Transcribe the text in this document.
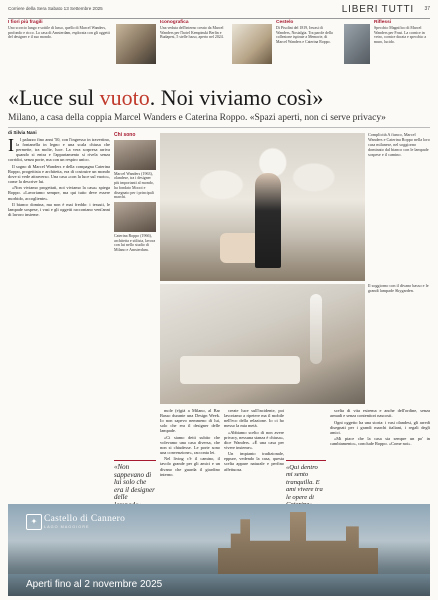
Corriere della Sera Sabato 13 Settembre 2025	LIBERI TUTTI 37
I fiori più fragili

Uno scorcio lungo e sottile di lusso, quello di Marcel Wanders, profondo e ricco. La casa di Amsterdam, esplorata con gli oggetti del designer e il suo mondo.

Iconografica

Una veduta dell'interno creato da Marcel Wanders per l'hotel Kempinski Berlin e Budapest, 5 stelle lusso, aperto nel 2024.

Cestelo

Di Pisolini del 1819, Invasi di Wanders, Nostalgia. Tra parole della collezione ispirate a Memorie, di Marcel Wanders e Caterina Roppo.

Riflessi

Specchio Magnifico di Marcel Wanders per Frasi. La cornice in vetro, cornice dorata e specchio a muro, lucido.

«Luce sul vuoto. Noi viviamo così»
Milano, a casa della coppia Marcel Wanders e Caterina Roppo. «Spazi aperti, non ci serve privacy»
di Silvia Nani
I	l palazzo fino anni '50, con l'ingresso in travertino, la fontanella in legno e una scala chiusa che permette, tra molte, luce. La vera sorpresa arriva quando si entra e l'appartamento si rivela senza corridoi, senza porte, ma con un respiro unico.

Il sogno di Marcel Wanders e della compagna Caterina Roppo, progettista e architetta, era di costruire un mondo dove si vede attraverso. Una casa «con la luce sul vuoto», come la descrive lui.

«Non viviamo progettati, noi viviamo la casa» spiega Roppo. «Lavoriamo sempre, ma qui tutto deve essere morbido, accogliente».

Il bianco domina, ma non è mai freddo: i tessuti, le lampade sospese, i vasi e gli oggetti raccontano vent'anni di lavoro insieme.

Chi sono
Marcel Wanders (1963), olandese, tra i designer più importanti al mondo, ha fondato Moooi e disegnato per i principali marchi.
Caterina Roppo (1966), architetta e stilista, lavora con lui nello studio di Milano e Amsterdam.
Complicità A fianco, Marcel Wanders e Caterina Roppo nella loro casa milanese, nel soggiorno dominato dal bianco con le lampade sospese e il camino.
Il soggiorno con il divano basso e le grandi lampade Skygarden.
«Non sappevano di lui solo che era il designer delle

mole (e)già a Milano, al Bar Basso durante una Design Week. Io non sapevo nemmeno di lui, solo che era il designer delle lampade.

«Ci siamo detti subito che volevamo una casa diversa, che non si chiudesse. Le porte sono una convenzione», racconta lei.

Nel living c'è il camino, il tavolo grande per gli amici e un divano che guarda il giardino interno.

create luce sull'incidente, poi lavoriamo a ripetere ma il mobile nell'eco della relazione. Io ci ho messo la mia metà.

«Abbiamo scelto di non avere privacy, nessuna stanza è chiusa», dice Wanders. «È una casa per vivere insieme».

Un impianto tradizionale, eppure, vedendo la casa, questa scelta appare naturale e perfino affettuosa.	«Qui dentro mi sento tranquilla. E ami vivere tra le opere di

scelta di vita estrema e anche dell'ordine, senza armadi e senza contenitori nascosti.

Ogni oggetto ha una storia: i vasi olandesi, gli arredi disegnati per i grandi marchi italiani, i regali degli amici.

«Mi piace che la casa sia sempre un po' in cambiamento», conclude Roppo. «Come noi».

✦ Castello di Cannero
LAGO MAGGIORE
Aperti fino al 2 novembre 2025
